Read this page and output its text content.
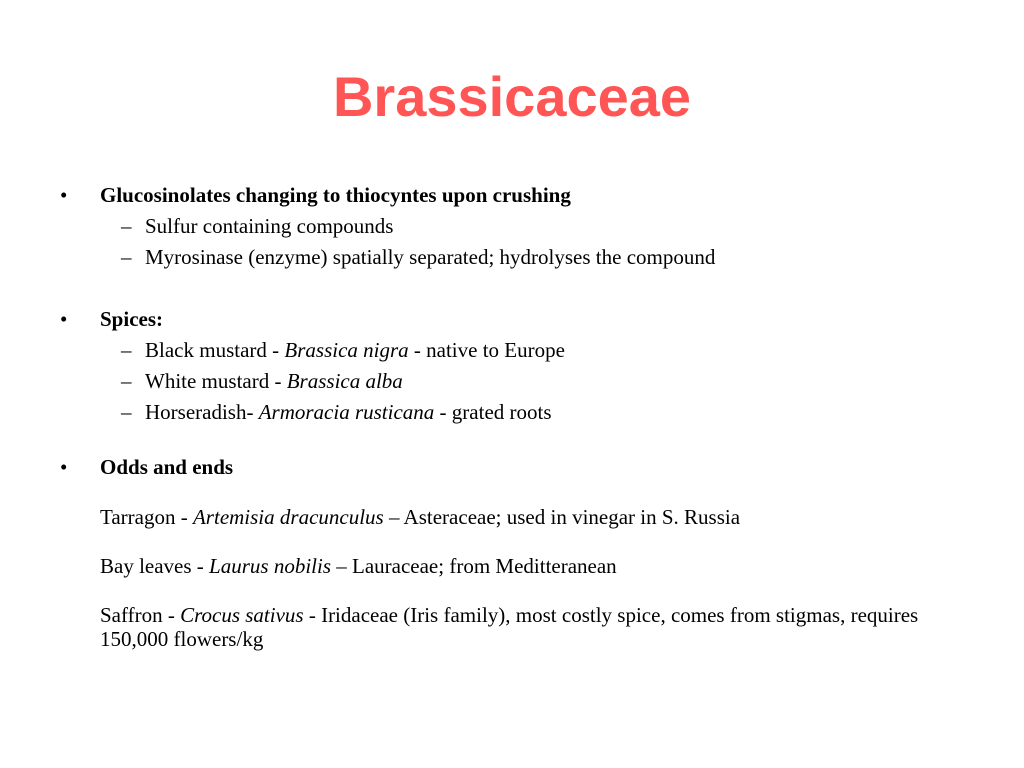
Brassicaceae
• Glucosinolates changing to thiocyntes upon crushing
– Sulfur containing compounds
– Myrosinase (enzyme) spatially separated; hydrolyses the compound
• Spices:
– Black mustard - Brassica nigra - native to Europe
– White mustard - Brassica alba
– Horseradish- Armoracia rusticana - grated roots
• Odds and ends
Tarragon - Artemisia dracunculus – Asteraceae; used in vinegar in S. Russia
Bay leaves - Laurus nobilis – Lauraceae; from Meditteranean
Saffron - Crocus sativus - Iridaceae (Iris family), most costly spice, comes from stigmas, requires 150,000 flowers/kg
